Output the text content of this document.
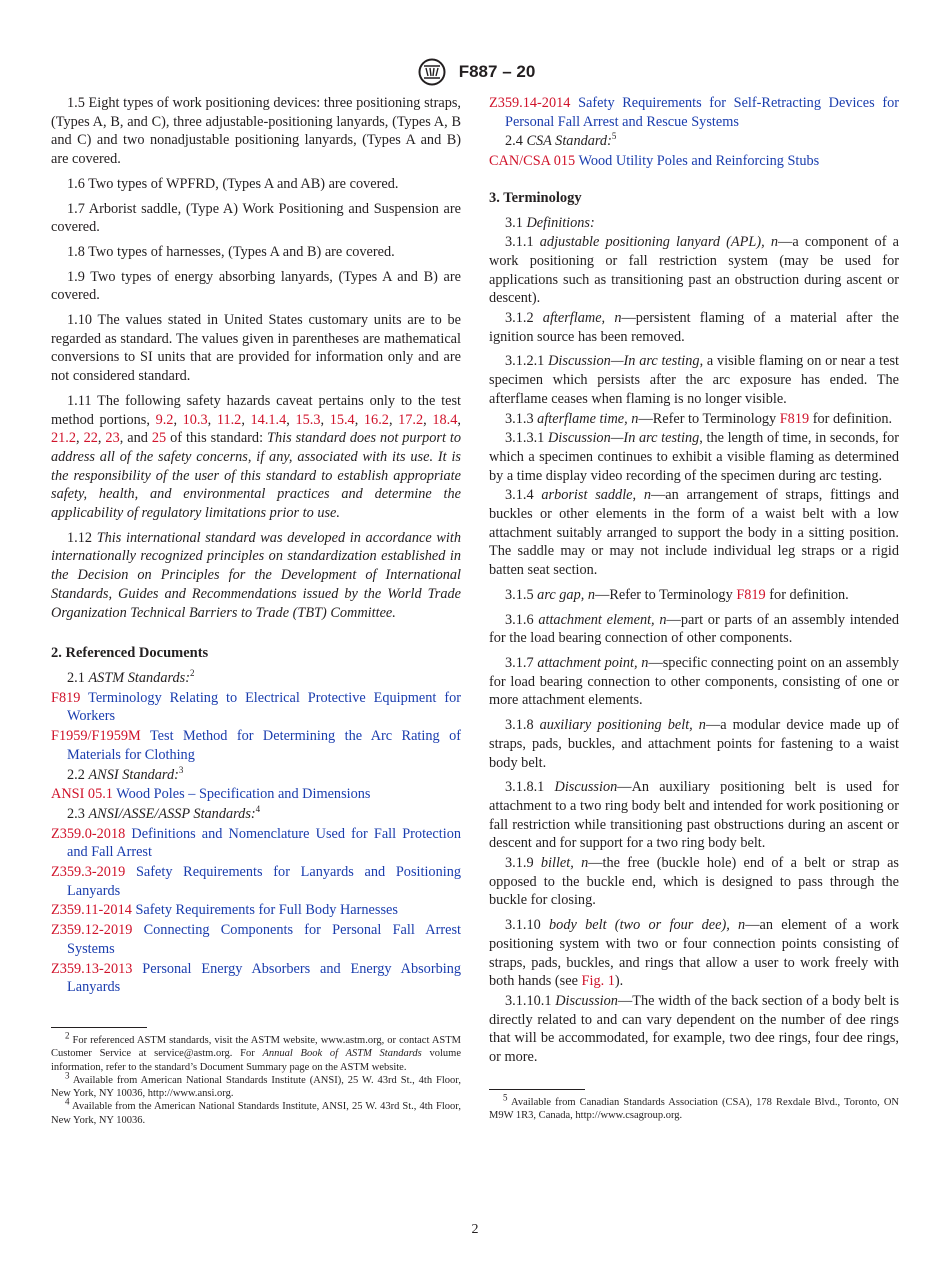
F887 – 20

1.5 Eight types of work positioning devices: three positioning straps, (Types A, B, and C), three adjustable-positioning lanyards, (Types A, B and C) and two nonadjustable positioning lanyards, (Types A and B) are covered.

1.6 Two types of WPFRD, (Types A and AB) are covered.

1.7 Arborist saddle, (Type A) Work Positioning and Suspension are covered.

1.8 Two types of harnesses, (Types A and B) are covered.

1.9 Two types of energy absorbing lanyards, (Types A and B) are covered.

1.10 The values stated in United States customary units are to be regarded as standard. The values given in parentheses are mathematical conversions to SI units that are provided for information only and are not considered standard.

1.11 The following safety hazards caveat pertains only to the test method portions, 9.2, 10.3, 11.2, 14.1.4, 15.3, 15.4, 16.2, 17.2, 18.4, 21.2, 22, 23, and 25 of this standard: This standard does not purport to address all of the safety concerns, if any, associated with its use. It is the responsibility of the user of this standard to establish appropriate safety, health, and environmental practices and determine the applicability of regulatory limitations prior to use.

1.12 This international standard was developed in accordance with internationally recognized principles on standardization established in the Decision on Principles for the Development of International Standards, Guides and Recommendations issued by the World Trade Organization Technical Barriers to Trade (TBT) Committee.

2. Referenced Documents

2.1 ASTM Standards:$^2$

F819 Terminology Relating to Electrical Protective Equipment for Workers

F1959/F1959M Test Method for Determining the Arc Rating of Materials for Clothing

2.2 ANSI Standard:$^3$

ANSI 05.1 Wood Poles – Specification and Dimensions

2.3 ANSI/ASSE/ASSP Standards:$^4$

Z359.0-2018 Definitions and Nomenclature Used for Fall Protection and Fall Arrest

Z359.3-2019 Safety Requirements for Lanyards and Positioning Lanyards

Z359.11-2014 Safety Requirements for Full Body Harnesses

Z359.12-2019 Connecting Components for Personal Fall Arrest Systems

Z359.13-2013 Personal Energy Absorbers and Energy Absorbing Lanyards

$^2$ For referenced ASTM standards, visit the ASTM website, www.astm.org, or contact ASTM Customer Service at service@astm.org. For Annual Book of ASTM Standards volume information, refer to the standard’s Document Summary page on the ASTM website.

$^3$ Available from American National Standards Institute (ANSI), 25 W. 43rd St., 4th Floor, New York, NY 10036, http://www.ansi.org.

$^4$ Available from the American National Standards Institute, ANSI, 25 W. 43rd St., 4th Floor, New York, NY 10036.

Z359.14-2014 Safety Requirements for Self-Retracting Devices for Personal Fall Arrest and Rescue Systems

2.4 CSA Standard:$^5$

CAN/CSA 015 Wood Utility Poles and Reinforcing Stubs

3. Terminology

3.1 Definitions:

3.1.1 adjustable positioning lanyard (APL), n—a component of a work positioning or fall restriction system (may be used for applications such as transitioning past an obstruction during ascent or descent).

3.1.2 afterflame, n—persistent flaming of a material after the ignition source has been removed.

3.1.2.1 Discussion—In arc testing, a visible flaming on or near a test specimen which persists after the arc exposure has ended. The afterflame ceases when flaming is no longer visible.

3.1.3 afterflame time, n—Refer to Terminology F819 for definition.

3.1.3.1 Discussion—In arc testing, the length of time, in seconds, for which a specimen continues to exhibit a visible flaming as determined by a time display video recording of the specimen during arc testing.

3.1.4 arborist saddle, n—an arrangement of straps, fittings and buckles or other elements in the form of a waist belt with a low attachment suitably arranged to support the body in a sitting position. The saddle may or may not include individual leg straps or a rigid batten seat section.

3.1.5 arc gap, n—Refer to Terminology F819 for definition.

3.1.6 attachment element, n—part or parts of an assembly intended for the load bearing connection of other components.

3.1.7 attachment point, n—specific connecting point on an assembly for load bearing connection to other components, consisting of one or more attachment elements.

3.1.8 auxiliary positioning belt, n—a modular device made up of straps, pads, buckles, and attachment points for fastening to a waist body belt.

3.1.8.1 Discussion—An auxiliary positioning belt is used for attachment to a two ring body belt and intended for work positioning or fall restriction while transitioning past obstructions during an ascent or descent and for support for a two ring body belt.

3.1.9 billet, n—the free (buckle hole) end of a belt or strap as opposed to the buckle end, which is designed to pass through the buckle for closing.

3.1.10 body belt (two or four dee), n—an element of a work positioning system with two or four connection points consisting of straps, pads, buckles, and rings that allow a user to work freely with both hands (see Fig. 1).

3.1.10.1 Discussion—The width of the back section of a body belt is directly related to and can vary dependent on the number of dee rings that will be accommodated, for example, two dee rings, four dee rings, or more.

$^5$ Available from Canadian Standards Association (CSA), 178 Rexdale Blvd., Toronto, ON M9W 1R3, Canada, http://www.csagroup.org.

2
